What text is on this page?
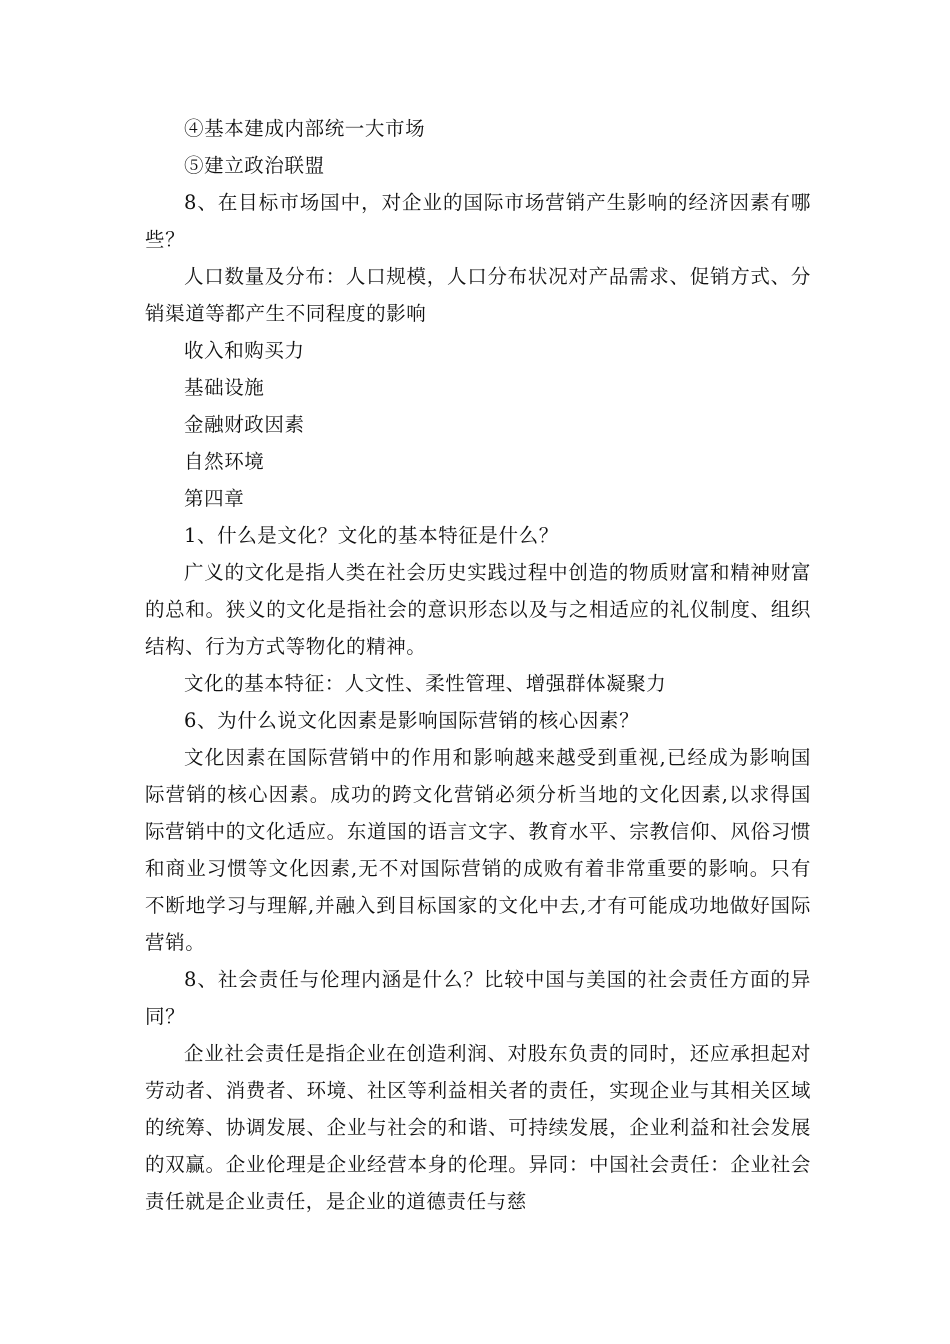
④基本建成内部统一大市场

⑤建立政治联盟

8、在目标市场国中，对企业的国际市场营销产生影响的经济因素有哪些？

人口数量及分布：人口规模，人口分布状况对产品需求、促销方式、分销渠道等都产生不同程度的影响

收入和购买力

基础设施

金融财政因素

自然环境

第四章

1、什么是文化？文化的基本特征是什么？

广义的文化是指人类在社会历史实践过程中创造的物质财富和精神财富的总和。狭义的文化是指社会的意识形态以及与之相适应的礼仪制度、组织结构、行为方式等物化的精神。

文化的基本特征：人文性、柔性管理、增强群体凝聚力

6、为什么说文化因素是影响国际营销的核心因素？

文化因素在国际营销中的作用和影响越来越受到重视,已经成为影响国际营销的核心因素。成功的跨文化营销必须分析当地的文化因素,以求得国际营销中的文化适应。东道国的语言文字、教育水平、宗教信仰、风俗习惯和商业习惯等文化因素,无不对国际营销的成败有着非常重要的影响。只有不断地学习与理解,并融入到目标国家的文化中去,才有可能成功地做好国际营销。

8、社会责任与伦理内涵是什么？比较中国与美国的社会责任方面的异同？

企业社会责任是指企业在创造利润、对股东负责的同时，还应承担起对劳动者、消费者、环境、社区等利益相关者的责任，实现企业与其相关区域的统筹、协调发展、企业与社会的和谐、可持续发展，企业利益和社会发展的双赢。企业伦理是企业经营本身的伦理。异同：中国社会责任：企业社会责任就是企业责任，是企业的道德责任与慈
